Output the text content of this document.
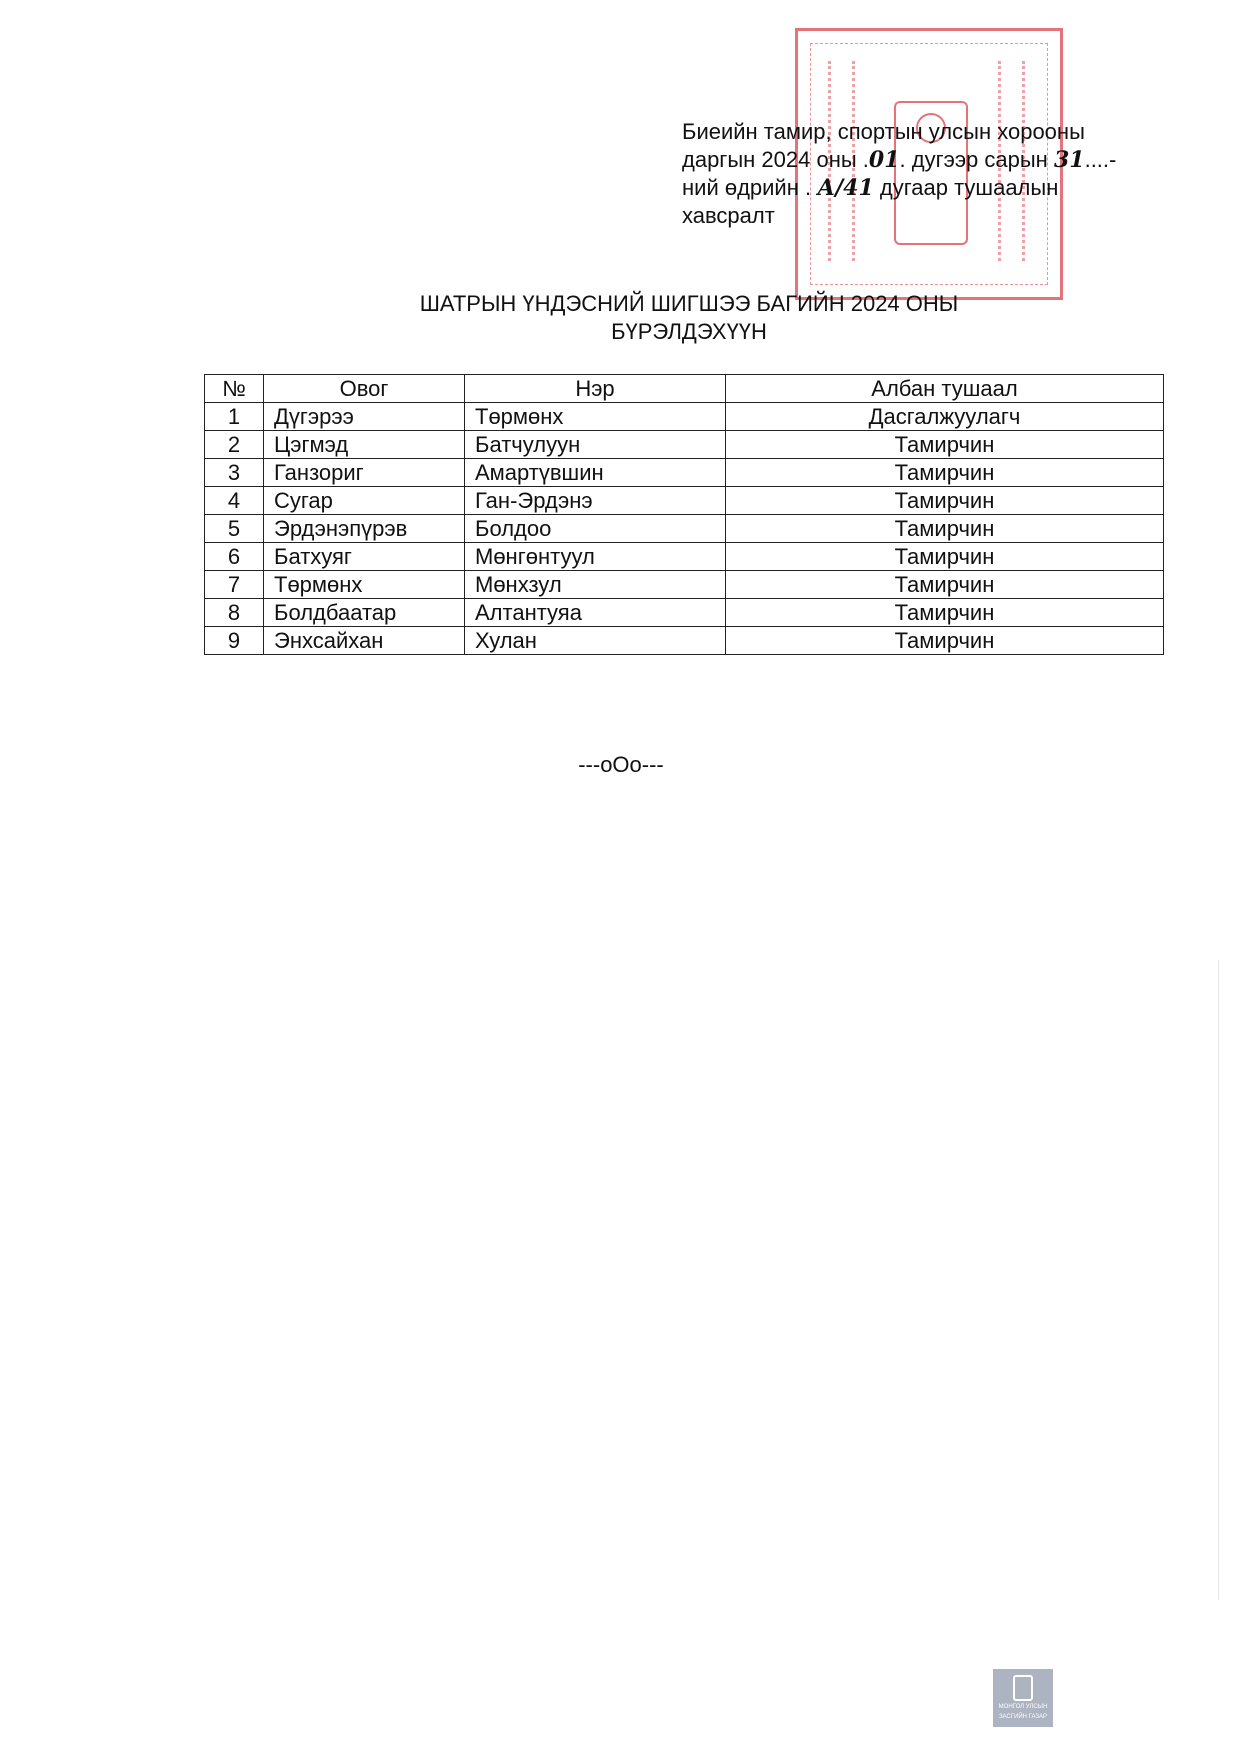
Биеийн тамир, спортын улсын хорооны
даргын 2024 оны .01. дугээр сарын 31....-
ний өдрийн . А/41 дугаар тушаалын
хавсралт
ШАТРЫН ҮНДЭСНИЙ ШИГШЭЭ БАГИЙН 2024 ОНЫ
БҮРЭЛДЭХҮҮН
№	Овог	Нэр	Албан тушаал
1	Дүгэрээ	Төрмөнх	Дасгалжуулагч
2	Цэгмэд	Батчулуун	Тамирчин
3	Ганзориг	Амартүвшин	Тамирчин
4	Сугар	Ган-Эрдэнэ	Тамирчин
5	Эрдэнэпүрэв	Болдоо	Тамирчин
6	Батхуяг	Мөнгөнтуул	Тамирчин
7	Төрмөнх	Мөнхзул	Тамирчин
8	Болдбаатар	Алтантуяа	Тамирчин
9	Энхсайхан	Хулан	Тамирчин
---oOo---
МОНГОЛ УЛСЫН
ЗАСГИЙН ГАЗАР
